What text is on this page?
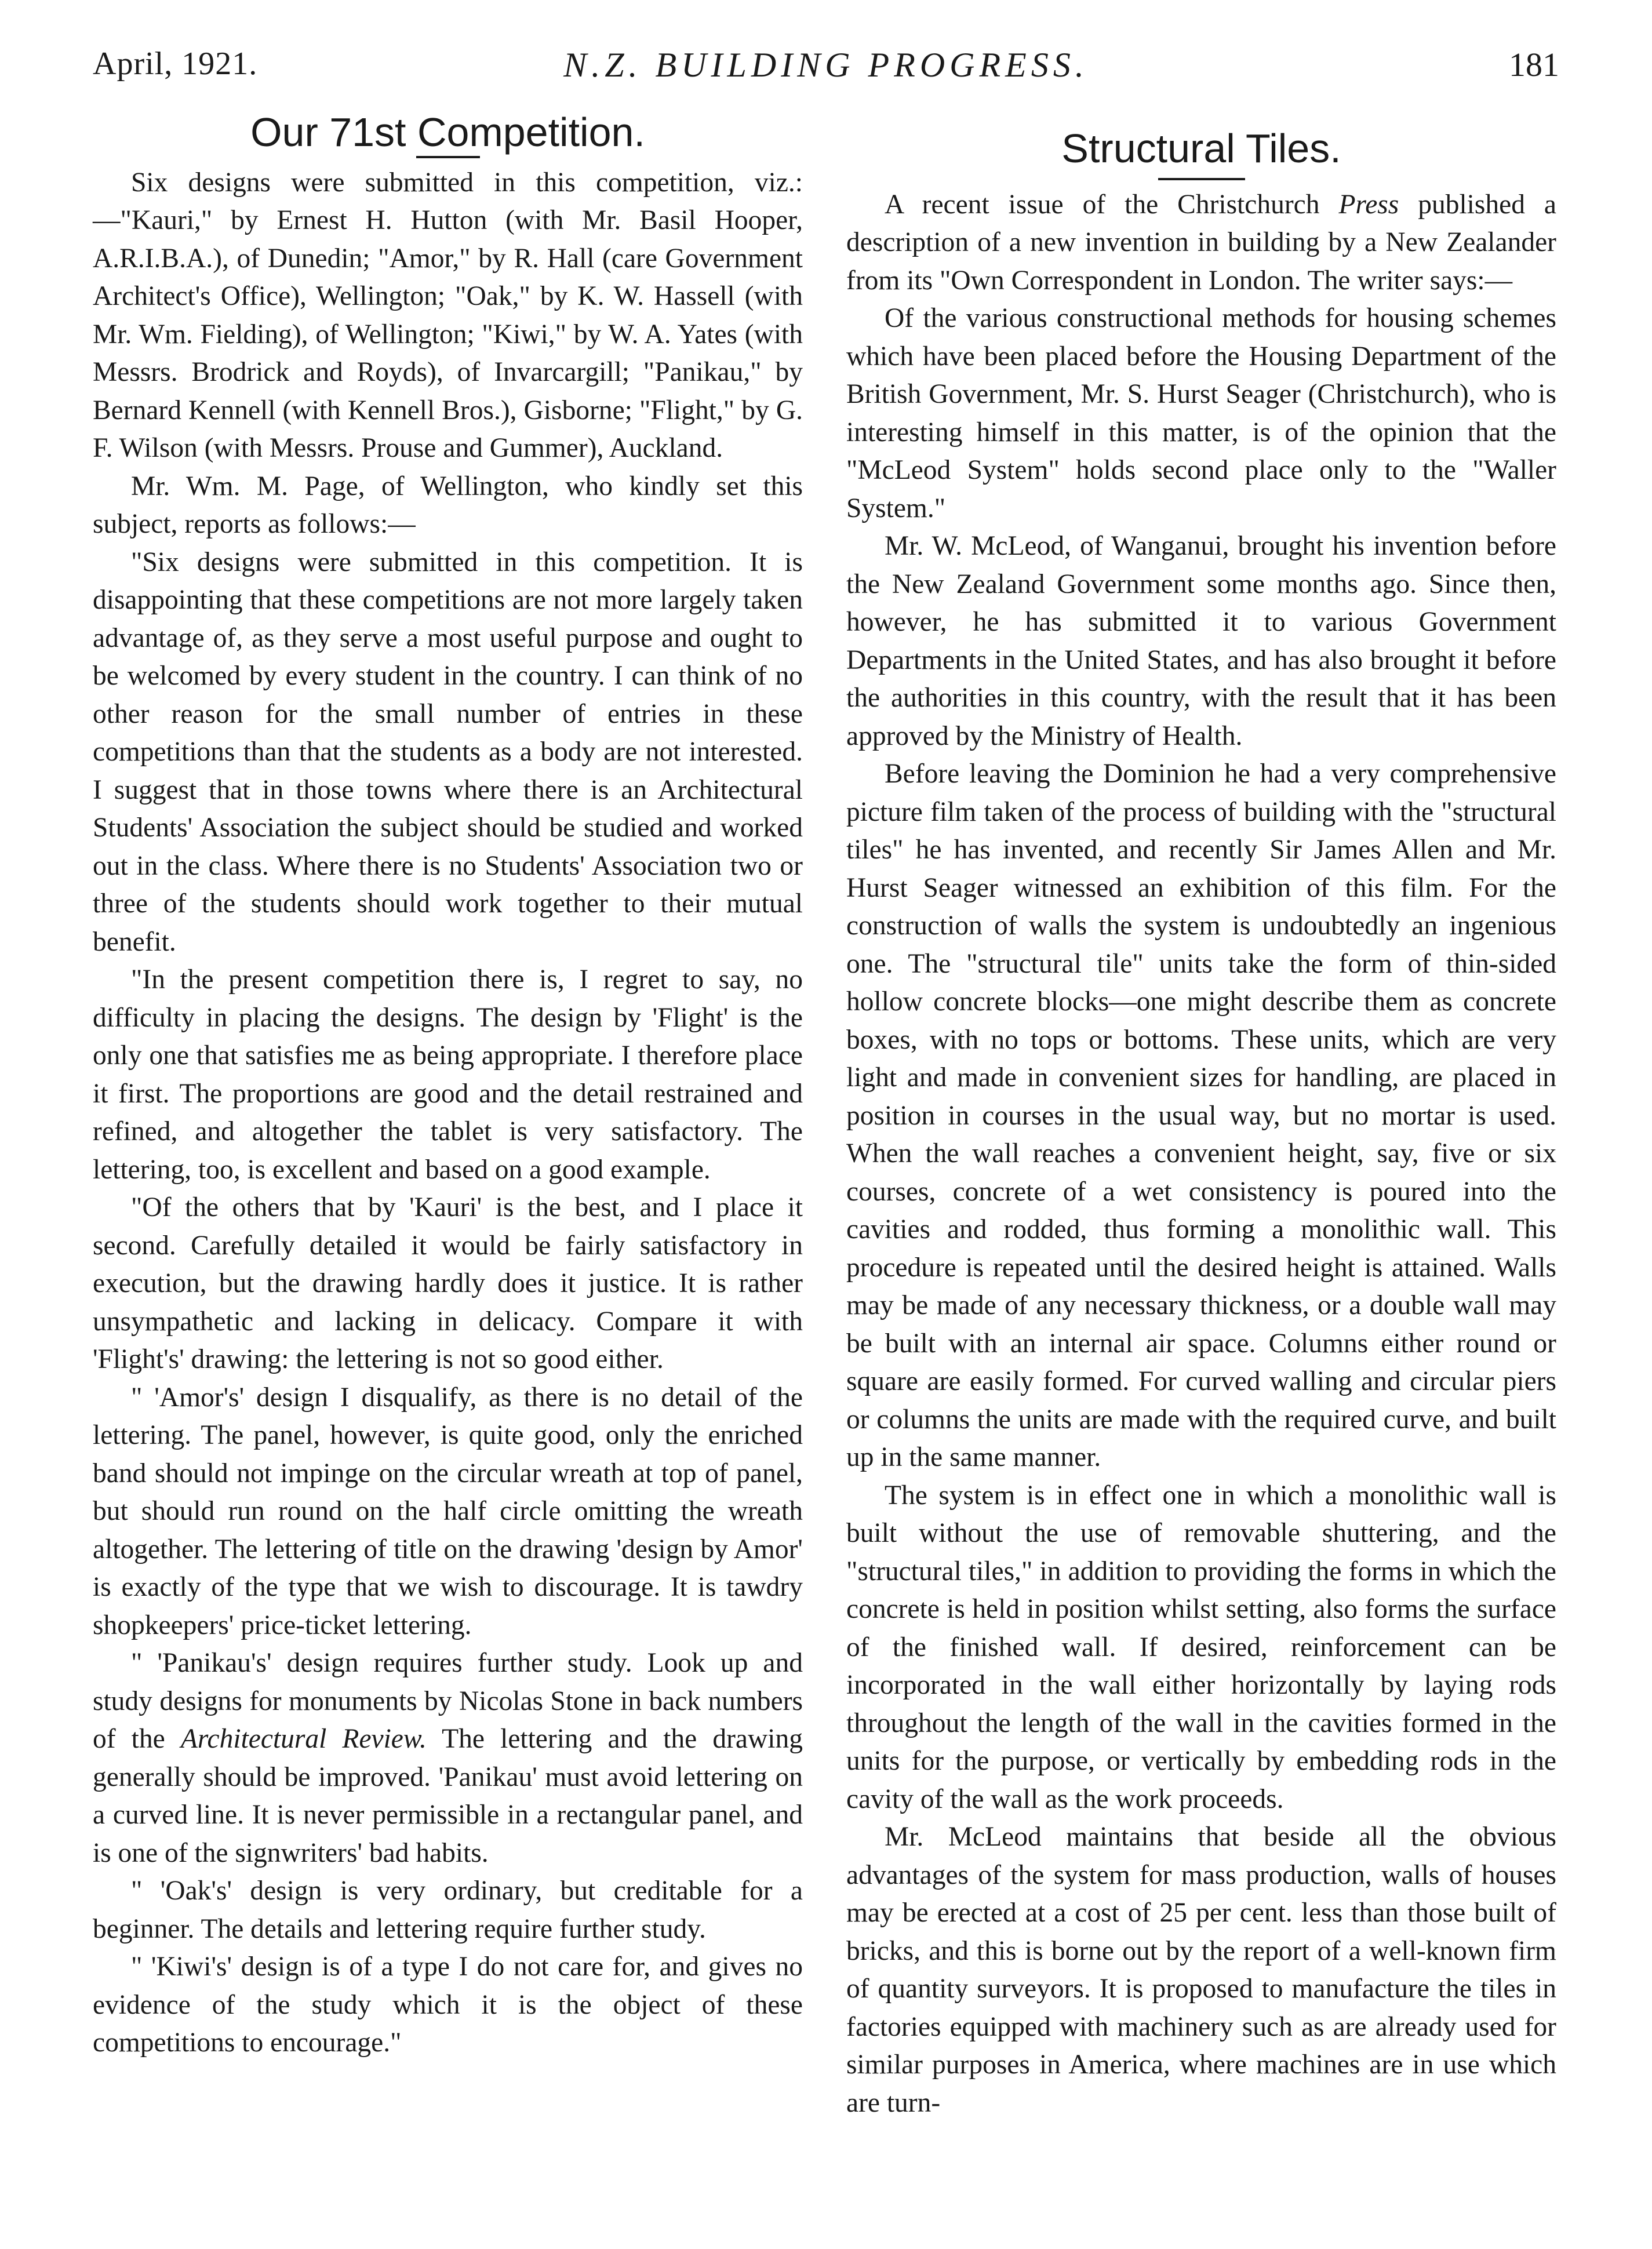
April, 1921.	N.Z. BUILDING PROGRESS.	181
Our 71st Competition.

Six designs were submitted in this competition, viz.:—"Kauri," by Ernest H. Hutton (with Mr. Basil Hooper, A.R.I.B.A.), of Dunedin; "Amor," by R. Hall (care Government Architect's Office), Wellington; "Oak," by K. W. Hassell (with Mr. Wm. Fielding), of Wellington; "Kiwi," by W. A. Yates (with Messrs. Brodrick and Royds), of Invarcargill; "Panikau," by Bernard Kennell (with Kennell Bros.), Gisborne; "Flight," by G. F. Wilson (with Messrs. Prouse and Gummer), Auckland.

Mr. Wm. M. Page, of Wellington, who kindly set this subject, reports as follows:—

"Six designs were submitted in this competition. It is disappointing that these competitions are not more largely taken advantage of, as they serve a most useful purpose and ought to be welcomed by every student in the country. I can think of no other reason for the small number of entries in these competitions than that the students as a body are not interested. I suggest that in those towns where there is an Architectural Students' Association the subject should be studied and worked out in the class. Where there is no Students' Association two or three of the students should work together to their mutual benefit.

"In the present competition there is, I regret to say, no difficulty in placing the designs. The design by 'Flight' is the only one that satisfies me as being appropriate. I therefore place it first. The proportions are good and the detail restrained and refined, and altogether the tablet is very satisfactory. The lettering, too, is excellent and based on a good example.

"Of the others that by 'Kauri' is the best, and I place it second. Carefully detailed it would be fairly satisfactory in execution, but the drawing hardly does it justice. It is rather unsympathetic and lacking in delicacy. Compare it with 'Flight's' drawing: the lettering is not so good either.

" 'Amor's' design I disqualify, as there is no detail of the lettering. The panel, however, is quite good, only the enriched band should not impinge on the circular wreath at top of panel, but should run round on the half circle omitting the wreath altogether. The lettering of title on the drawing 'design by Amor' is exactly of the type that we wish to discourage. It is tawdry shopkeepers' price-ticket lettering.

" 'Panikau's' design requires further study. Look up and study designs for monuments by Nicolas Stone in back numbers of the Architectural Review. The lettering and the drawing generally should be improved. 'Panikau' must avoid lettering on a curved line. It is never permissible in a rectangular panel, and is one of the signwriters' bad habits.

" 'Oak's' design is very ordinary, but creditable for a beginner. The details and lettering require further study.

" 'Kiwi's' design is of a type I do not care for, and gives no evidence of the study which it is the object of these competitions to encourage."

Structural Tiles.

A recent issue of the Christchurch Press published a description of a new invention in building by a New Zealander from its "Own Correspondent in London. The writer says:—

Of the various constructional methods for housing schemes which have been placed before the Housing Department of the British Government, Mr. S. Hurst Seager (Christchurch), who is interesting himself in this matter, is of the opinion that the "McLeod System" holds second place only to the "Waller System."

Mr. W. McLeod, of Wanganui, brought his invention before the New Zealand Government some months ago. Since then, however, he has submitted it to various Government Departments in the United States, and has also brought it before the authorities in this country, with the result that it has been approved by the Ministry of Health.

Before leaving the Dominion he had a very comprehensive picture film taken of the process of building with the "structural tiles" he has invented, and recently Sir James Allen and Mr. Hurst Seager witnessed an exhibition of this film. For the construction of walls the system is undoubtedly an ingenious one. The "structural tile" units take the form of thin-sided hollow concrete blocks—one might describe them as concrete boxes, with no tops or bottoms. These units, which are very light and made in convenient sizes for handling, are placed in position in courses in the usual way, but no mortar is used. When the wall reaches a convenient height, say, five or six courses, concrete of a wet consistency is poured into the cavities and rodded, thus forming a monolithic wall. This procedure is repeated until the desired height is attained. Walls may be made of any necessary thickness, or a double wall may be built with an internal air space. Columns either round or square are easily formed. For curved walling and circular piers or columns the units are made with the required curve, and built up in the same manner.

The system is in effect one in which a monolithic wall is built without the use of removable shuttering, and the "structural tiles," in addition to providing the forms in which the concrete is held in position whilst setting, also forms the surface of the finished wall. If desired, reinforcement can be incorporated in the wall either horizontally by laying rods throughout the length of the wall in the cavities formed in the units for the purpose, or vertically by embedding rods in the cavity of the wall as the work proceeds.

Mr. McLeod maintains that beside all the obvious advantages of the system for mass production, walls of houses may be erected at a cost of 25 per cent. less than those built of bricks, and this is borne out by the report of a well-known firm of quantity surveyors. It is proposed to manufacture the tiles in factories equipped with machinery such as are already used for similar purposes in America, where machines are in use which are turn-
